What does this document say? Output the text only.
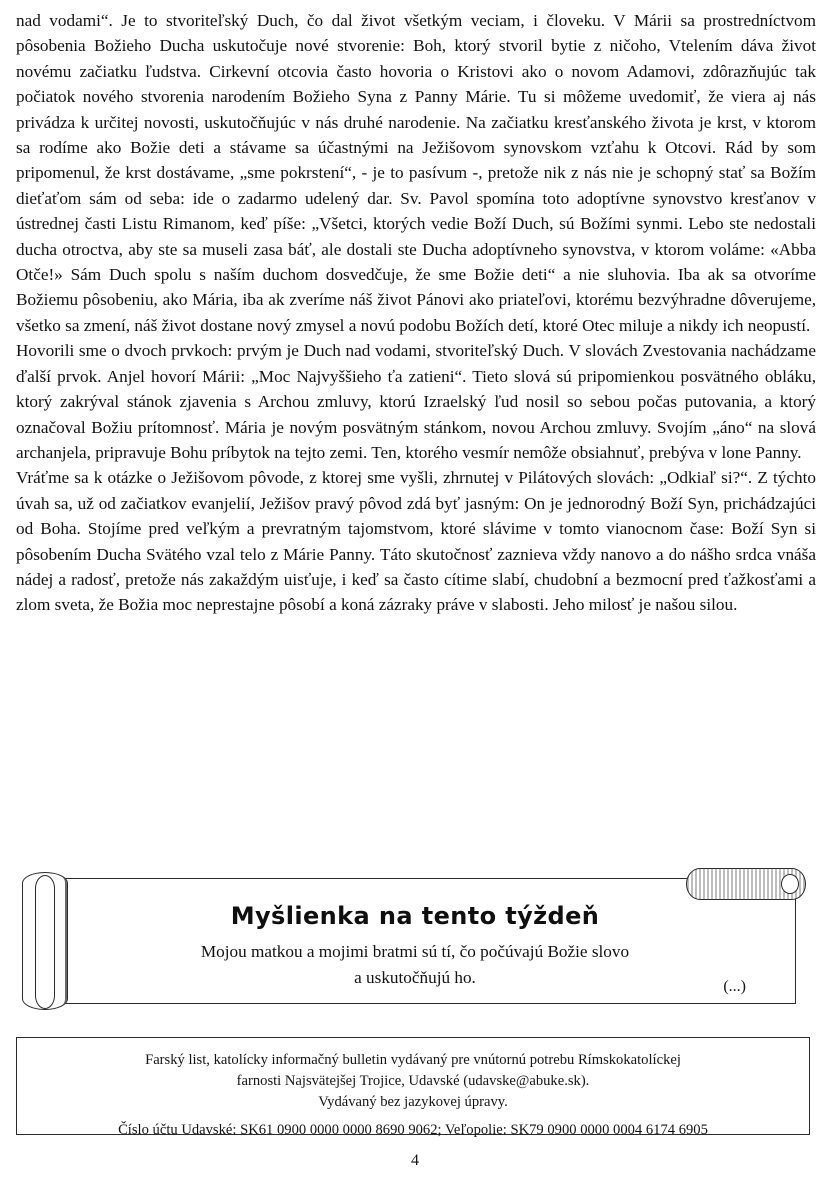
nad vodami“. Je to stvoriteľský Duch, čo dal život všetkým veciam, i človeku. V Márii sa prostredníctvom pôsobenia Božieho Ducha uskutočuje nové stvorenie: Boh, ktorý stvoril bytie z ničoho, Vtelením dáva život novému začiatku ľudstva. Cirkevní otcovia často hovoria o Kristovi ako o novom Adamovi, zdôrazňujúc tak počiatok nového stvorenia narodením Božieho Syna z Panny Márie. Tu si môžeme uvedomiť, že viera aj nás privádza k určitej novosti, uskutočňujúc v nás druhé narodenie. Na začiatku kresťanského života je krst, v ktorom sa rodíme ako Božie deti a stávame sa účastnými na Ježišovom synovskom vzťahu k Otcovi. Rád by som pripomenul, že krst dostávame, „sme pokrstení“, - je to pasívum -, pretože nik z nás nie je schopný stať sa Božím dieťaťom sám od seba: ide o zadarmo udelený dar. Sv. Pavol spomína toto adoptívne synovstvo kresťanov v ústrednej časti Listu Rimanom, keď píše: „Všetci, ktorých vedie Boží Duch, sú Božími synmi. Lebo ste nedostali ducha otroctva, aby ste sa museli zasa báť, ale dostali ste Ducha adoptívneho synovstva, v ktorom voláme: «Abba Otče!» Sám Duch spolu s naším duchom dosvedčuje, že sme Božie deti“ a nie sluhovia. Iba ak sa otvoríme Božiemu pôsobeniu, ako Mária, iba ak zveríme náš život Pánovi ako priateľovi, ktorému bezvýhradne dôverujeme, všetko sa zmení, náš život dostane nový zmysel a novú podobu Božích detí, ktoré Otec miluje a nikdy ich neopustí.

Hovorili sme o dvoch prvkoch: prvým je Duch nad vodami, stvoriteľský Duch. V slovách Zvestovania nachádzame ďalší prvok. Anjel hovorí Márii: „Moc Najvyššieho ťa zatieni“. Tieto slová sú pripomienkou posvätného obláku, ktorý zakrýval stánok zjavenia s Archou zmluvy, ktorú Izraelský ľud nosil so sebou počas putovania, a ktorý označoval Božiu prítomnosť. Mária je novým posvätným stánkom, novou Archou zmluvy. Svojím „áno“ na slová archanjela, pripravuje Bohu príbytok na tejto zemi. Ten, ktorého vesmír nemôže obsiahnuť, prebýva v lone Panny.

Vráťme sa k otázke o Ježišovom pôvode, z ktorej sme vyšli, zhrnutej v Pilátových slovách: „Odkiaľ si?“. Z týchto úvah sa, už od začiatkov evanjelií, Ježišov pravý pôvod zdá byť jasným: On je jednorodný Boží Syn, prichádzajúci od Boha. Stojíme pred veľkým a prevratným tajomstvom, ktoré slávime v tomto vianocnom čase: Boží Syn si pôsobením Ducha Svätého vzal telo z Márie Panny. Táto skutočnosť zaznieva vždy nanovo a do nášho srdca vnáša nádej a radosť, pretože nás zakaždým uisťuje, i keď sa často cítime slabí, chudobní a bezmocní pred ťažkosťami a zlom sveta, že Božia moc neprestajne pôsobí a koná zázraky práve v slabosti. Jeho milosť je našou silou.

Myšlienka na tento týždeň
Mojou matkou a mojimi bratmi sú tí, čo počúvajú Božie slovo
a uskutočňujú ho.	(...)
Farský list, katolícky informačný bulletin vydávaný pre vnútornú potrebu Rímskokatolíckej
farnosti Najsvätejšej Trojice, Udavské (udavske@abuke.sk).
Vydávaný bez jazykovej úpravy.
Číslo účtu Udavské: SK61 0900 0000 0000 8690 9062; Veľopolie: SK79 0900 0000 0004 6174 6905
4
